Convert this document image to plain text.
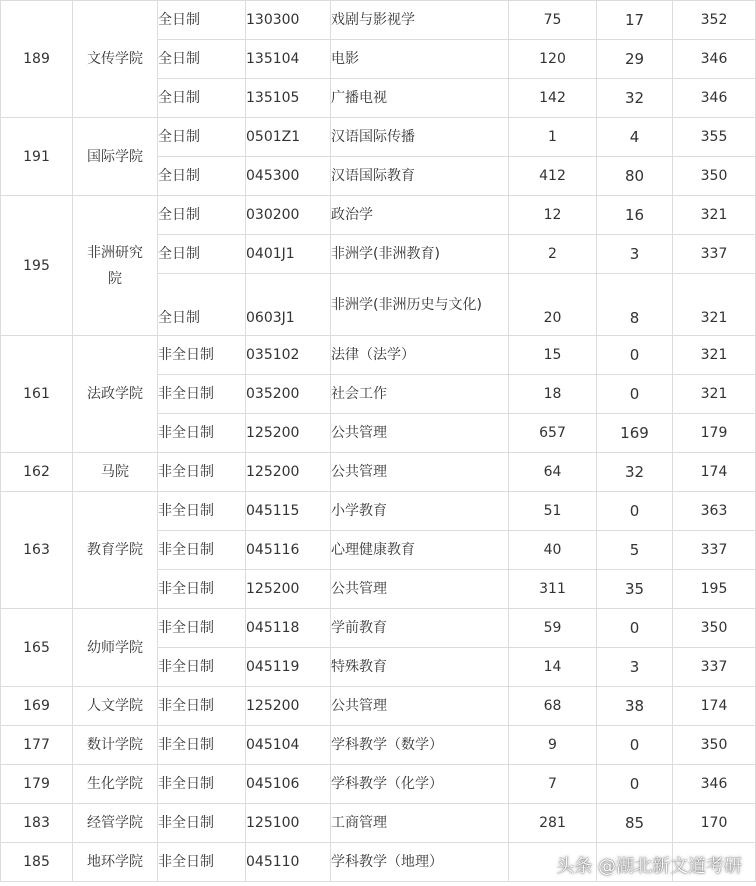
189	文传学院	全日制	130300	戏剧与影视学	75	17	352
		全日制	135104	电影	120	29	346
		全日制	135105	广播电视	142	32	346
191	国际学院	全日制	0501Z1	汉语国际传播	1	4	355
		全日制	045300	汉语国际教育	412	80	350
195	非洲研究院	全日制	030200	政治学	12	16	321
		全日制	0401J1	非洲学(非洲教育)	2	3	337
		全日制	0603J1	非洲学(非洲历史与文化)	20	8	321
161	法政学院	非全日制	035102	法律（法学）	15	0	321
		非全日制	035200	社会工作	18	0	321
		非全日制	125200	公共管理	657	169	179
162	马院	非全日制	125200	公共管理	64	32	174
163	教育学院	非全日制	045115	小学教育	51	0	363
		非全日制	045116	心理健康教育	40	5	337
		非全日制	125200	公共管理	311	35	195
165	幼师学院	非全日制	045118	学前教育	59	0	350
		非全日制	045119	特殊教育	14	3	337
169	人文学院	非全日制	125200	公共管理	68	38	174
177	数计学院	非全日制	045104	学科教学（数学）	9	0	350
179	生化学院	非全日制	045106	学科教学（化学）	7	0	346
183	经管学院	非全日制	125100	工商管理	281	85	170
185	地环学院	非全日制	045110	学科教学（地理）				头条 @湖北新文道考研
